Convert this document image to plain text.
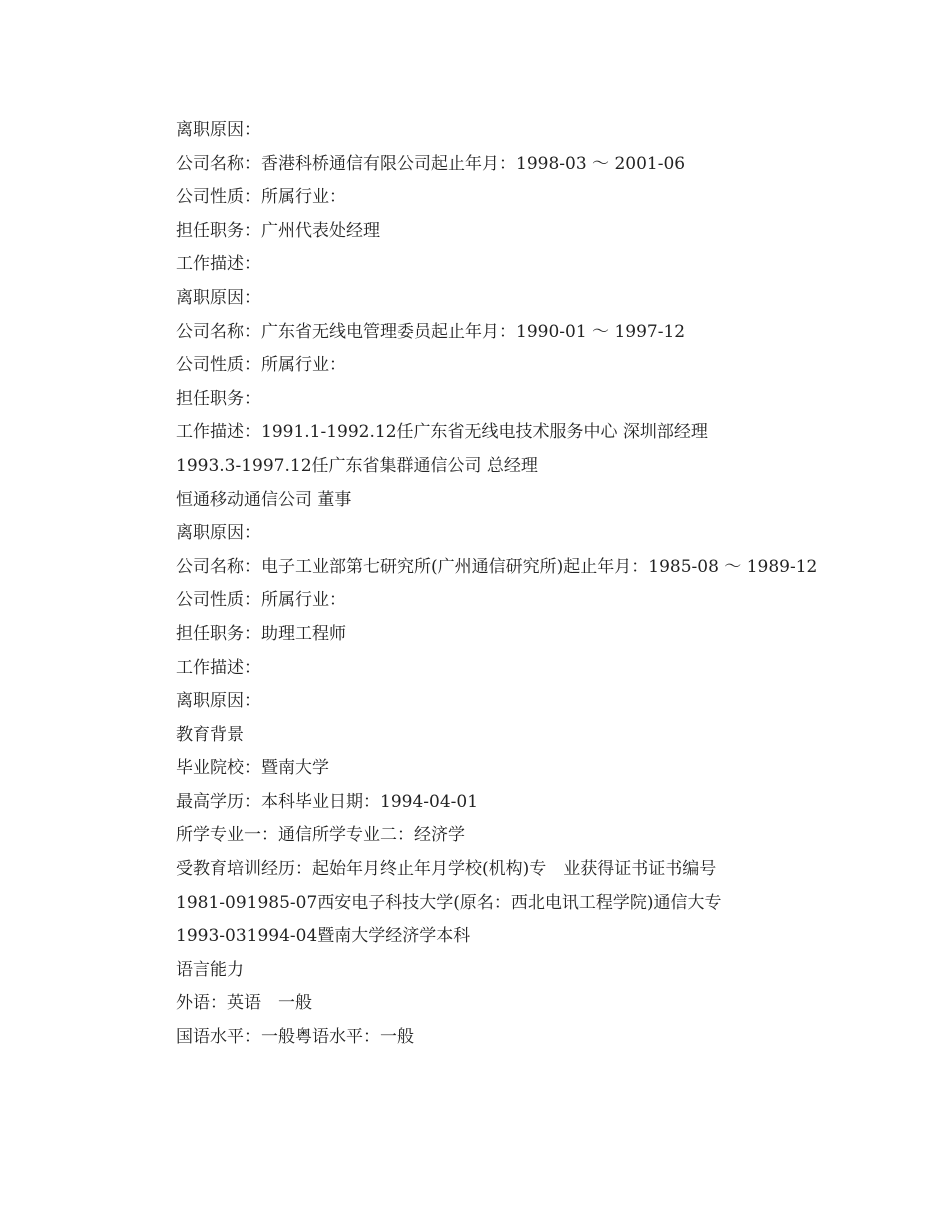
离职原因：
公司名称：香港科桥通信有限公司起止年月：1998-03 ～ 2001-06
公司性质：所属行业：
担任职务：广州代表处经理
工作描述：
离职原因：
公司名称：广东省无线电管理委员起止年月：1990-01 ～ 1997-12
公司性质：所属行业：
担任职务：
工作描述：1991.1-1992.12任广东省无线电技术服务中心 深圳部经理
1993.3-1997.12任广东省集群通信公司 总经理
恒通移动通信公司 董事
离职原因：
公司名称：电子工业部第七研究所(广州通信研究所)起止年月：1985-08 ～ 1989-12
公司性质：所属行业：
担任职务：助理工程师
工作描述：
离职原因：
教育背景
毕业院校：暨南大学
最高学历：本科毕业日期：1994-04-01
所学专业一：通信所学专业二：经济学
受教育培训经历：起始年月终止年月学校(机构)专　业获得证书证书编号
1981-091985-07西安电子科技大学(原名：西北电讯工程学院)通信大专
1993-031994-04暨南大学经济学本科
语言能力
外语：英语　一般
国语水平：一般粤语水平：一般
